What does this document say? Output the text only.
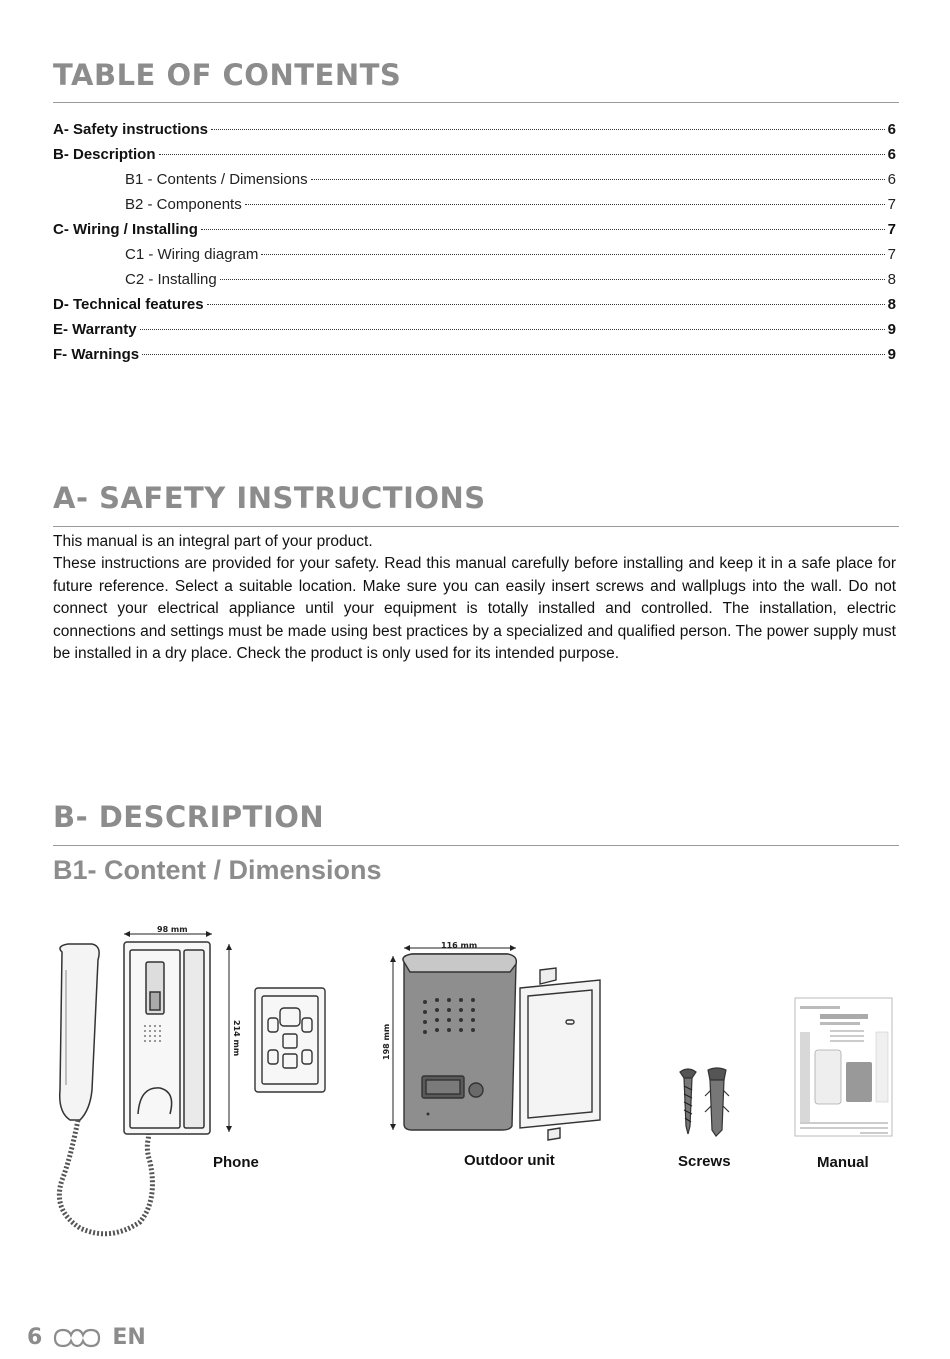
TABLE OF CONTENTS
A- Safety instructions	6
B- Description	6
B1 - Contents / Dimensions	6
B2 - Components	7
C- Wiring / Installing	7
C1 - Wiring diagram	7
C2 - Installing	8
D- Technical features	8
E- Warranty	9
F- Warnings	9
A- SAFETY INSTRUCTIONS

This manual is an integral part of your product.

These instructions are provided for your safety. Read this manual carefully before installing and keep it in a safe place for future reference. Select a suitable location. Make sure you can easily insert screws and wallplugs into the wall. Do not connect your electrical appliance until your equipment is totally installed and controlled. The installation, electric connections and settings must be made using best practices by a specialized and qualified person. The power supply must be installed in a dry place. Check the product is only used for its intended purpose.

B- DESCRIPTION
B1- Content / Dimensions
98 mm
214 mm
116 mm
198 mm
Phone	Outdoor unit	Screws	Manual
6	EN
